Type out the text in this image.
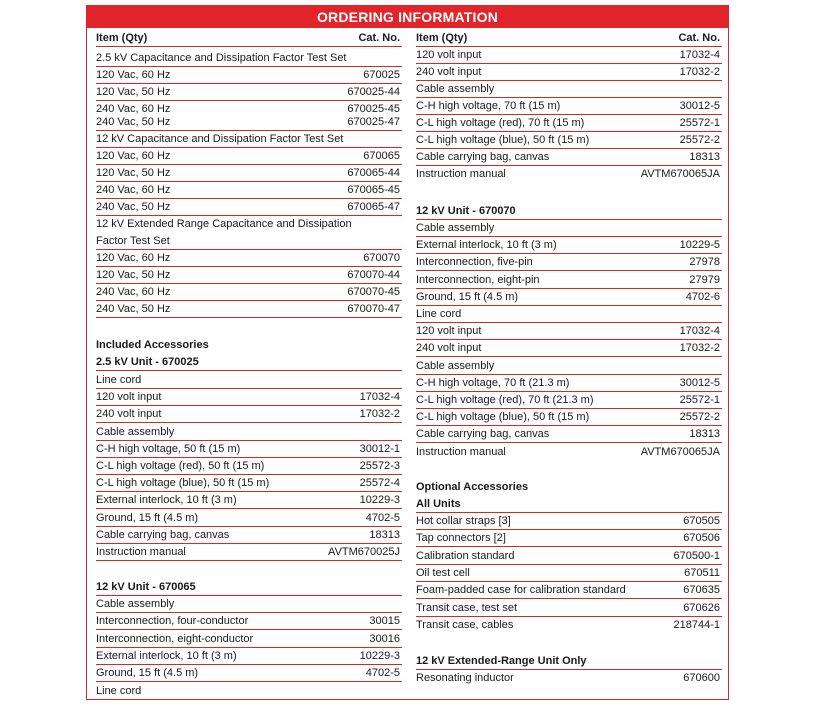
ORDERING INFORMATION
Item (Qty)	Cat. No.
2.5 kV Capacitance and Dissipation Factor Test Set
120 Vac, 60 Hz	670025
120 Vac, 50 Hz	670025-44
240 Vac, 60 Hz	670025-45
240 Vac, 50 Hz	670025-47
12 kV Capacitance and Dissipation Factor Test Set
120 Vac, 60 Hz	670065
120 Vac, 50 Hz	670065-44
240 Vac, 60 Hz	670065-45
240 Vac, 50 Hz	670065-47
12 kV Extended Range Capacitance and Dissipation
Factor Test Set
120 Vac, 60 Hz	670070
120 Vac, 50 Hz	670070-44
240 Vac, 60 Hz	670070-45
240 Vac, 50 Hz	670070-47
Included Accessories
2.5 kV Unit - 670025
Line cord
120 volt input	17032-4
240 volt input	17032-2
Cable assembly
C-H high voltage, 50 ft (15 m)	30012-1
C-L high voltage (red), 50 ft (15 m)	25572-3
C-L high voltage (blue), 50 ft (15 m)	25572-4
External interlock, 10 ft (3 m)	10229-3
Ground, 15 ft (4.5 m)	4702-5
Cable carrying bag, canvas	18313
Instruction manual	AVTM670025J
12 kV Unit - 670065
Cable assembly
Interconnection, four-conductor	30015
Interconnection, eight-conductor	30016
External interlock, 10 ft (3 m)	10229-3
Ground, 15 ft (4.5 m)	4702-5
Line cord
Item (Qty)	Cat. No.
120 volt input	17032-4
240 volt input	17032-2
Cable assembly
C-H high voltage, 70 ft (15 m)	30012-5
C-L high voltage (red), 70 ft (15 m)	25572-1
C-L high voltage (blue), 50 ft (15 m)	25572-2
Cable carrying bag, canvas	18313
Instruction manual	AVTM670065JA
12 kV Unit - 670070
Cable assembly
External interlock, 10 ft (3 m)	10229-5
Interconnection, five-pin	27978
Interconnection, eight-pin	27979
Ground, 15 ft (4.5 m)	4702-6
Line cord
120 volt input	17032-4
240 volt input	17032-2
Cable assembly
C-H high voltage, 70 ft (21.3 m)	30012-5
C-L high voltage (red), 70 ft (21.3 m)	25572-1
C-L high voltage (blue), 50 ft (15 m)	25572-2
Cable carrying bag, canvas	18313
Instruction manual	AVTM670065JA
Optional Accessories
All Units
Hot collar straps [3]	670505
Tap connectors [2]	670506
Calibration standard	670500-1
Oil test cell	670511
Foam-padded case for calibration standard	670635
Transit case, test set	670626
Transit case, cables	218744-1
12 kV Extended-Range Unit Only
Resonating inductor	670600
